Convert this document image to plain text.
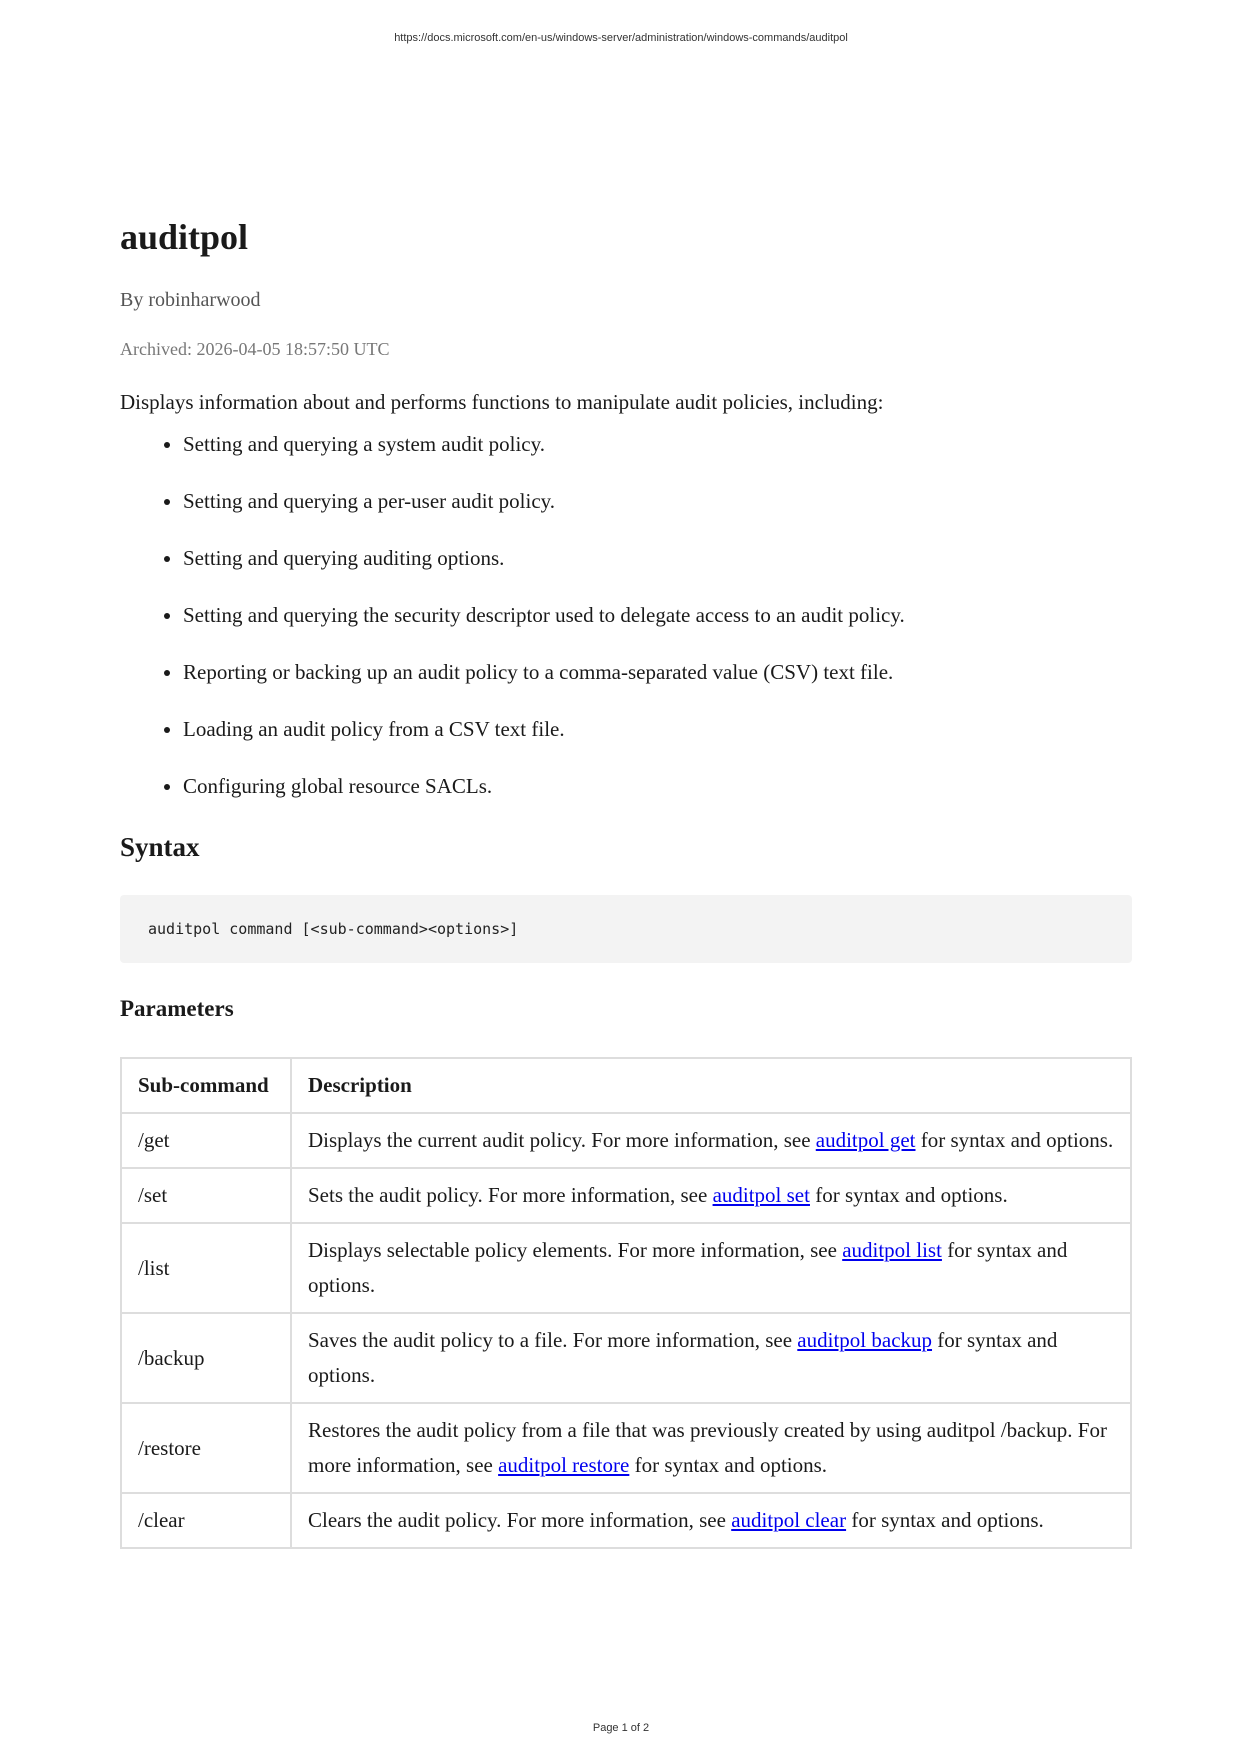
https://docs.microsoft.com/en-us/windows-server/administration/windows-commands/auditpol
auditpol
By robinharwood
Archived: 2026-04-05 18:57:50 UTC
Displays information about and performs functions to manipulate audit policies, including:
• Setting and querying a system audit policy.
• Setting and querying a per-user audit policy.
• Setting and querying auditing options.
• Setting and querying the security descriptor used to delegate access to an audit policy.
• Reporting or backing up an audit policy to a comma-separated value (CSV) text file.
• Loading an audit policy from a CSV text file.
• Configuring global resource SACLs.
Syntax
auditpol command [<sub-command><options>]
Parameters
Sub-command	Description
/get	Displays the current audit policy. For more information, see auditpol get for syntax and options.
/set	Sets the audit policy. For more information, see auditpol set for syntax and options.
/list	Displays selectable policy elements. For more information, see auditpol list for syntax and options.
/backup	Saves the audit policy to a file. For more information, see auditpol backup for syntax and options.
/restore	Restores the audit policy from a file that was previously created by using auditpol /backup. For more information, see auditpol restore for syntax and options.
/clear	Clears the audit policy. For more information, see auditpol clear for syntax and options.
Page 1 of 2
